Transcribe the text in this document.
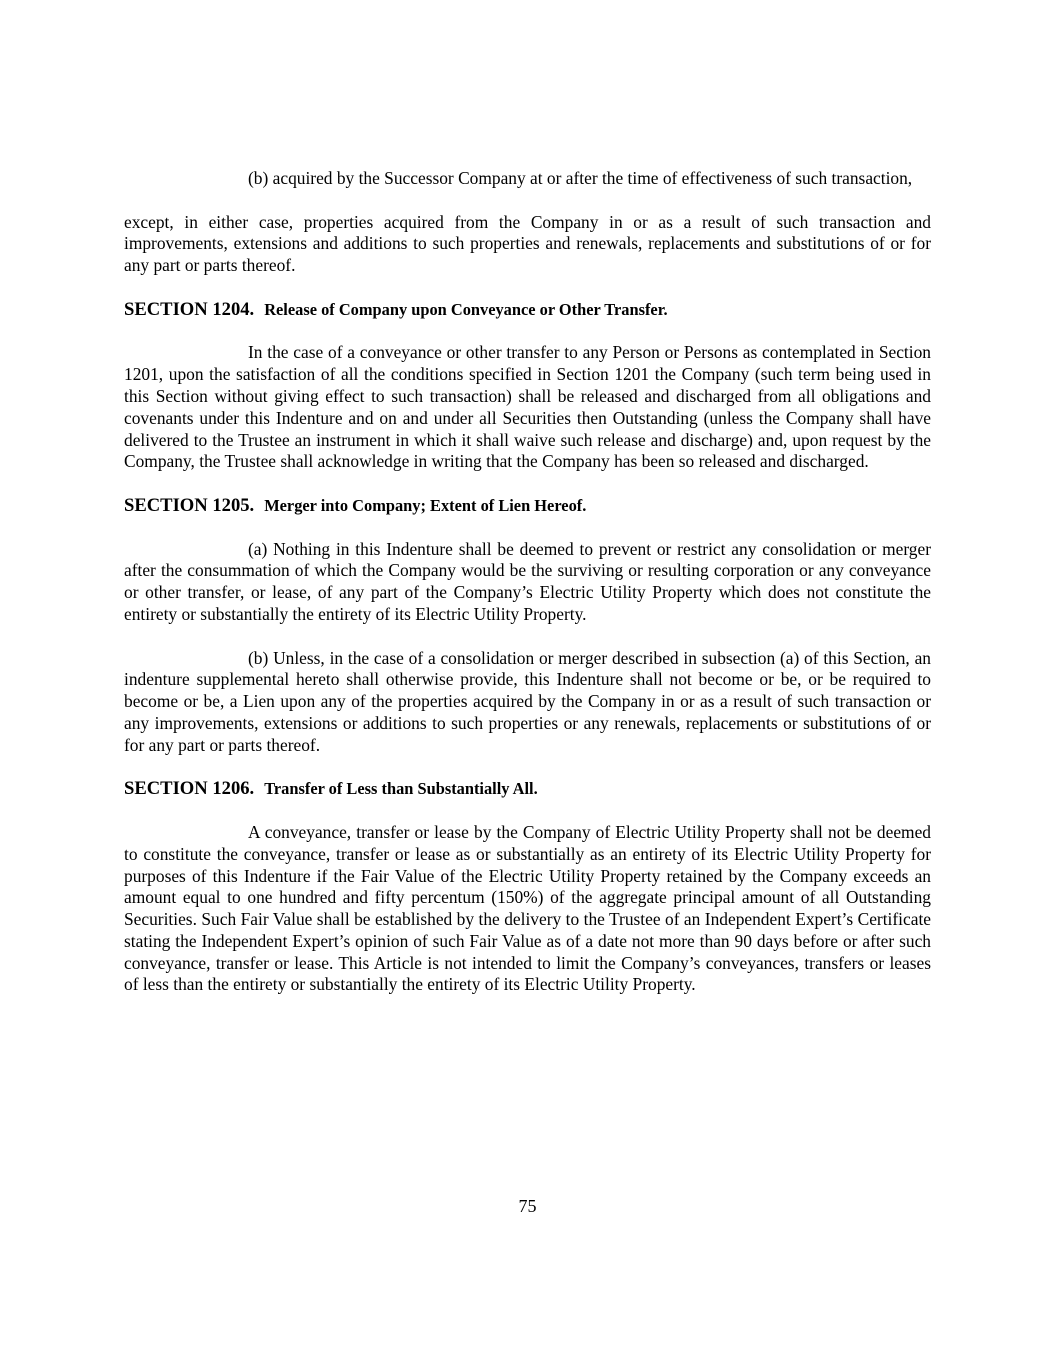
(b) acquired by the Successor Company at or after the time of effectiveness of such transaction,

except, in either case, properties acquired from the Company in or as a result of such transaction and improvements, extensions and additions to such properties and renewals, replacements and substitutions of or for any part or parts thereof.

SECTION 1204. Release of Company upon Conveyance or Other Transfer.

In the case of a conveyance or other transfer to any Person or Persons as contemplated in Section 1201, upon the satisfaction of all the conditions specified in Section 1201 the Company (such term being used in this Section without giving effect to such transaction) shall be released and discharged from all obligations and covenants under this Indenture and on and under all Securities then Outstanding (unless the Company shall have delivered to the Trustee an instrument in which it shall waive such release and discharge) and, upon request by the Company, the Trustee shall acknowledge in writing that the Company has been so released and discharged.

SECTION 1205. Merger into Company; Extent of Lien Hereof.

(a) Nothing in this Indenture shall be deemed to prevent or restrict any consolidation or merger after the consummation of which the Company would be the surviving or resulting corporation or any conveyance or other transfer, or lease, of any part of the Company’s Electric Utility Property which does not constitute the entirety or substantially the entirety of its Electric Utility Property.

(b) Unless, in the case of a consolidation or merger described in subsection (a) of this Section, an indenture supplemental hereto shall otherwise provide, this Indenture shall not become or be, or be required to become or be, a Lien upon any of the properties acquired by the Company in or as a result of such transaction or any improvements, extensions or additions to such properties or any renewals, replacements or substitutions of or for any part or parts thereof.

SECTION 1206. Transfer of Less than Substantially All.

A conveyance, transfer or lease by the Company of Electric Utility Property shall not be deemed to constitute the conveyance, transfer or lease as or substantially as an entirety of its Electric Utility Property for purposes of this Indenture if the Fair Value of the Electric Utility Property retained by the Company exceeds an amount equal to one hundred and fifty percentum (150%) of the aggregate principal amount of all Outstanding Securities. Such Fair Value shall be established by the delivery to the Trustee of an Independent Expert’s Certificate stating the Independent Expert’s opinion of such Fair Value as of a date not more than 90 days before or after such conveyance, transfer or lease. This Article is not intended to limit the Company’s conveyances, transfers or leases of less than the entirety or substantially the entirety of its Electric Utility Property.

75
